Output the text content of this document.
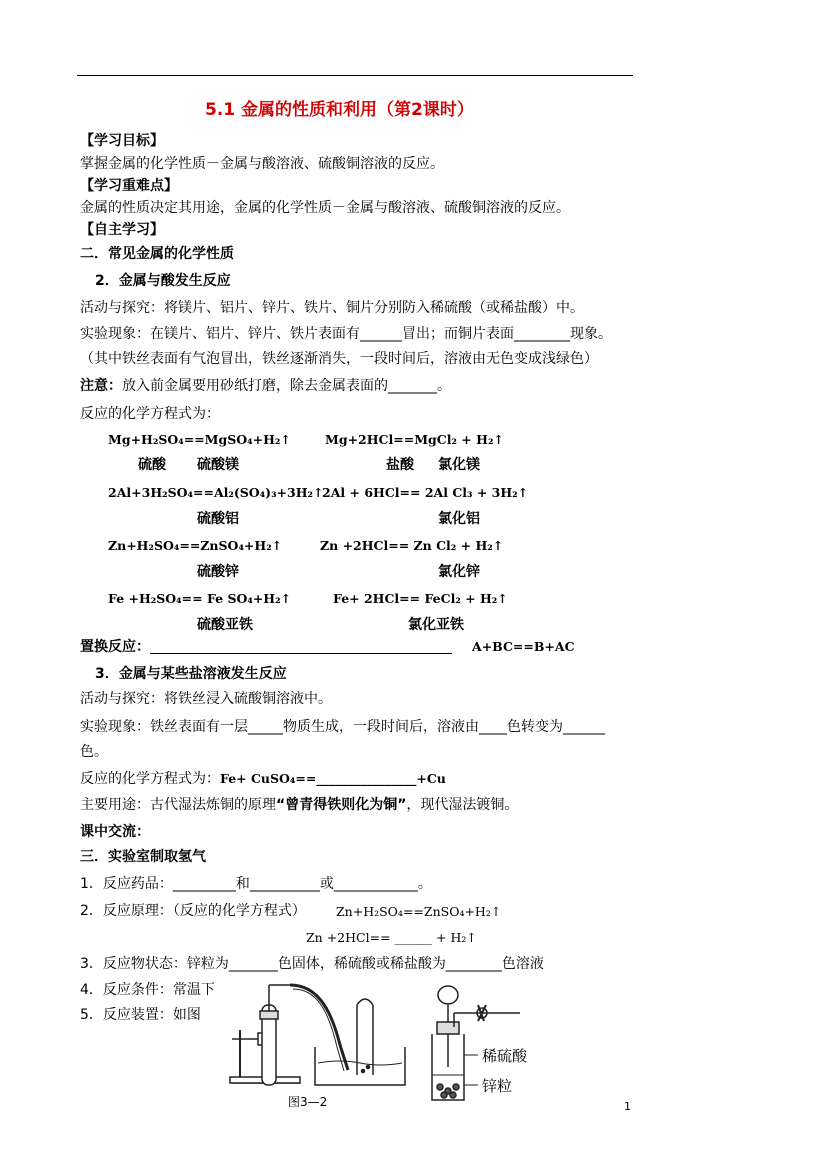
5.1 金属的性质和利用（第2课时）
【学习目标】
掌握金属的化学性质－金属与酸溶液、硫酸铜溶液的反应。
【学习重难点】
金属的性质决定其用途，金属的化学性质－金属与酸溶液、硫酸铜溶液的反应。
【自主学习】
二．常见金属的化学性质
2．金属与酸发生反应
活动与探究：将镁片、铝片、锌片、铁片、铜片分别防入稀硫酸（或稀盐酸）中。
实验现象：在镁片、铝片、锌片、铁片表面有______冒出；而铜片表面________现象。
（其中铁丝表面有气泡冒出，铁丝逐渐消失，一段时间后，溶液由无色变成浅绿色）
注意：放入前金属要用砂纸打磨，除去金属表面的_______。
反应的化学方程式为：
Mg+H₂SO₄==MgSO₄+H₂↑	Mg+2HCl==MgCl₂ + H₂↑
硫酸 硫酸镁	盐酸 氯化镁
2Al+3H₂SO₄==Al₂(SO₄)₃+3H₂↑
2Al + 6HCl== 2Al Cl₃ + 3H₂↑
硫酸铝	氯化铝
Zn+H₂SO₄==ZnSO₄+H₂↑	Zn +2HCl== Zn Cl₂ + H₂↑
硫酸锌	氯化锌
Fe +H₂SO₄== Fe SO₄+H₂↑	Fe+ 2HCl== FeCl₂ + H₂↑
硫酸亚铁	氯化亚铁
置换反应：	A+BC==B+AC
3．金属与某些盐溶液发生反应
活动与探究：将铁丝浸入硫酸铜溶液中。
实验现象：铁丝表面有一层_____物质生成，一段时间后，溶液由____色转变为______
色。
反应的化学方程式为：Fe+ CuSO₄==________________+Cu
主要用途：古代湿法炼铜的原理“曾青得铁则化为铜”，现代湿法镀铜。
课中交流：
三．实验室制取氢气
1．反应药品：_________和__________或____________。
2．反应原理：（反应的化学方程式） Zn+H₂SO₄==ZnSO₄+H₂↑
Zn +2HCl== ______ + H₂↑
3．反应物状态：锌粒为_______色固体，稀硫酸或稀盐酸为________色溶液
4．反应条件：常温下
5．反应装置：如图
稀硫酸
锌粒
图3—2	1
